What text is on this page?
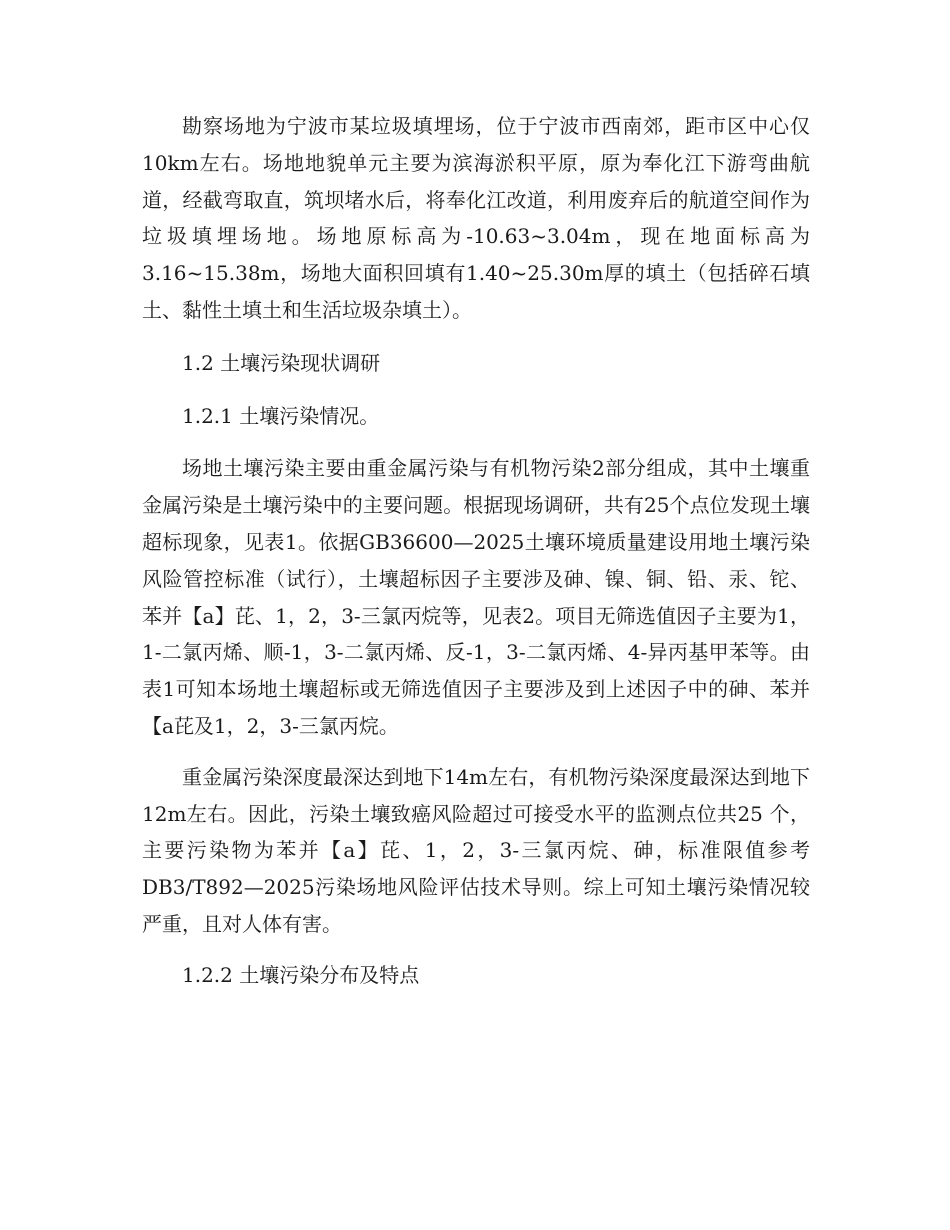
勘察场地为宁波市某垃圾填埋场，位于宁波市西南郊，距市区中心仅10km左右。场地地貌单元主要为滨海淤积平原，原为奉化江下游弯曲航道，经截弯取直，筑坝堵水后，将奉化江改道，利用废弃后的航道空间作为垃圾填埋场地。场地原标高为-10.63~3.04m，现在地面标高为3.16~15.38m，场地大面积回填有1.40~25.30m厚的填土（包括碎石填土、黏性土填土和生活垃圾杂填土）。

1.2 土壤污染现状调研

1.2.1 土壤污染情况。

场地土壤污染主要由重金属污染与有机物污染2部分组成，其中土壤重金属污染是土壤污染中的主要问题。根据现场调研，共有25个点位发现土壤超标现象，见表1。依据GB36600—2025土壤环境质量建设用地土壤污染风险管控标准（试行），土壤超标因子主要涉及砷、镍、铜、铅、汞、铊、苯并【a】芘、1，2，3-三氯丙烷等，见表2。项目无筛选值因子主要为1，1-二氯丙烯、顺-1，3-二氯丙烯、反-1，3-二氯丙烯、4-异丙基甲苯等。由表1可知本场地土壤超标或无筛选值因子主要涉及到上述因子中的砷、苯并【a芘及1，2，3-三氯丙烷。

重金属污染深度最深达到地下14m左右，有机物污染深度最深达到地下12m左右。因此，污染土壤致癌风险超过可接受水平的监测点位共25 个，主要污染物为苯并【a】芘、1，2，3-三氯丙烷、砷，标准限值参考DB3/T892—2025污染场地风险评估技术导则。综上可知土壤污染情况较严重，且对人体有害。

1.2.2 土壤污染分布及特点
